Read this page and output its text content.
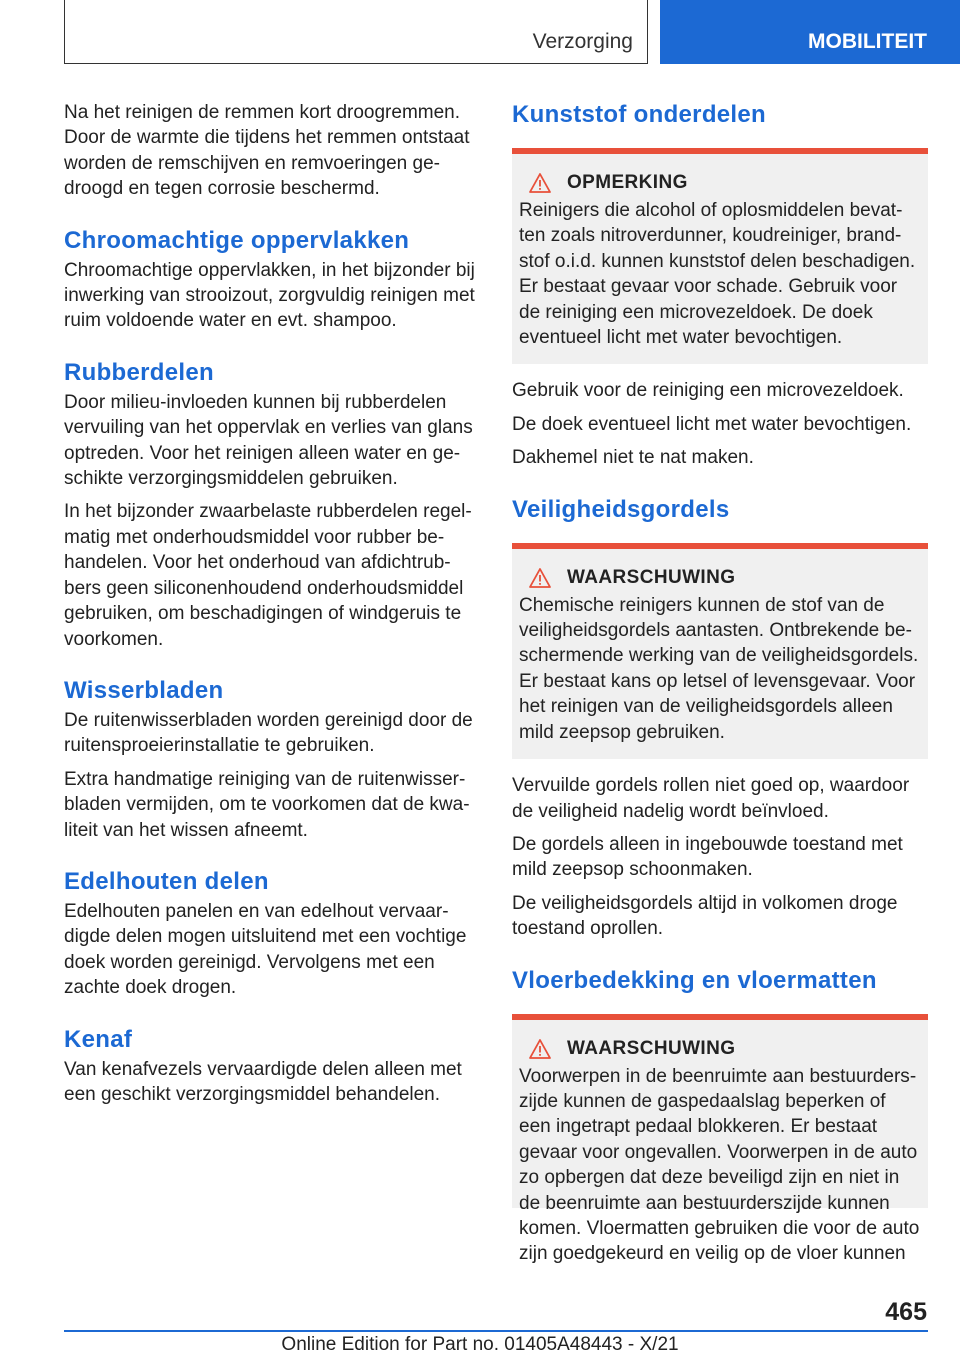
Verzorging	MOBILITEIT

Na het reinigen de remmen kort droogremmen. Door de warmte die tijdens het remmen ontstaat worden de remschijven en remvoeringen gedroogd en tegen corrosie beschermd.

Chroomachtige oppervlakken

Chroomachtige oppervlakken, in het bijzonder bij inwerking van strooizout, zorgvuldig reinigen met ruim voldoende water en evt. shampoo.

Rubberdelen

Door milieu-invloeden kunnen bij rubberdelen vervuiling van het oppervlak en verlies van glans optreden. Voor het reinigen alleen water en geschikte verzorgingsmiddelen gebruiken.

In het bijzonder zwaarbelaste rubberdelen regelmatig met onderhoudsmiddel voor rubber behandelen. Voor het onderhoud van afdichtrubbers geen siliconenhoudend onderhoudsmiddel gebruiken, om beschadigingen of windgeruis te voorkomen.

Wisserbladen

De ruitenwisserbladen worden gereinigd door de ruitensproeierinstallatie te gebruiken.

Extra handmatige reiniging van de ruitenwisserbladen vermijden, om te voorkomen dat de kwaliteit van het wissen afneemt.

Edelhouten delen

Edelhouten panelen en van edelhout vervaardigde delen mogen uitsluitend met een vochtige doek worden gereinigd. Vervolgens met een zachte doek drogen.

Kenaf

Van kenafvezels vervaardigde delen alleen met een geschikt verzorgingsmiddel behandelen.

Kunststof onderdelen
OPMERKING

Reinigers die alcohol of oplosmiddelen bevatten zoals nitroverdunner, koudreiniger, brandstof o.i.d. kunnen kunststof delen beschadigen. Er bestaat gevaar voor schade. Gebruik voor de reiniging een microvezeldoek. De doek eventueel licht met water bevochtigen.

Gebruik voor de reiniging een microvezeldoek.

De doek eventueel licht met water bevochtigen.

Dakhemel niet te nat maken.

Veiligheidsgordels
WAARSCHUWING

Chemische reinigers kunnen de stof van de veiligheidsgordels aantasten. Ontbrekende beschermende werking van de veiligheidsgordels. Er bestaat kans op letsel of levensgevaar. Voor het reinigen van de veiligheidsgordels alleen mild zeepsop gebruiken.

Vervuilde gordels rollen niet goed op, waardoor de veiligheid nadelig wordt beïnvloed.

De gordels alleen in ingebouwde toestand met mild zeepsop schoonmaken.

De veiligheidsgordels altijd in volkomen droge toestand oprollen.

Vloerbedekking en vloermatten
WAARSCHUWING

Voorwerpen in de beenruimte aan bestuurderszijde kunnen de gaspedaalslag beperken of een ingetrapt pedaal blokkeren. Er bestaat gevaar voor ongevallen. Voorwerpen in de auto zo opbergen dat deze beveiligd zijn en niet in de beenruimte aan bestuurderszijde kunnen komen. Vloermatten gebruiken die voor de auto zijn goedgekeurd en veilig op de vloer kunnen

465
Online Edition for Part no. 01405A48443 - X/21
